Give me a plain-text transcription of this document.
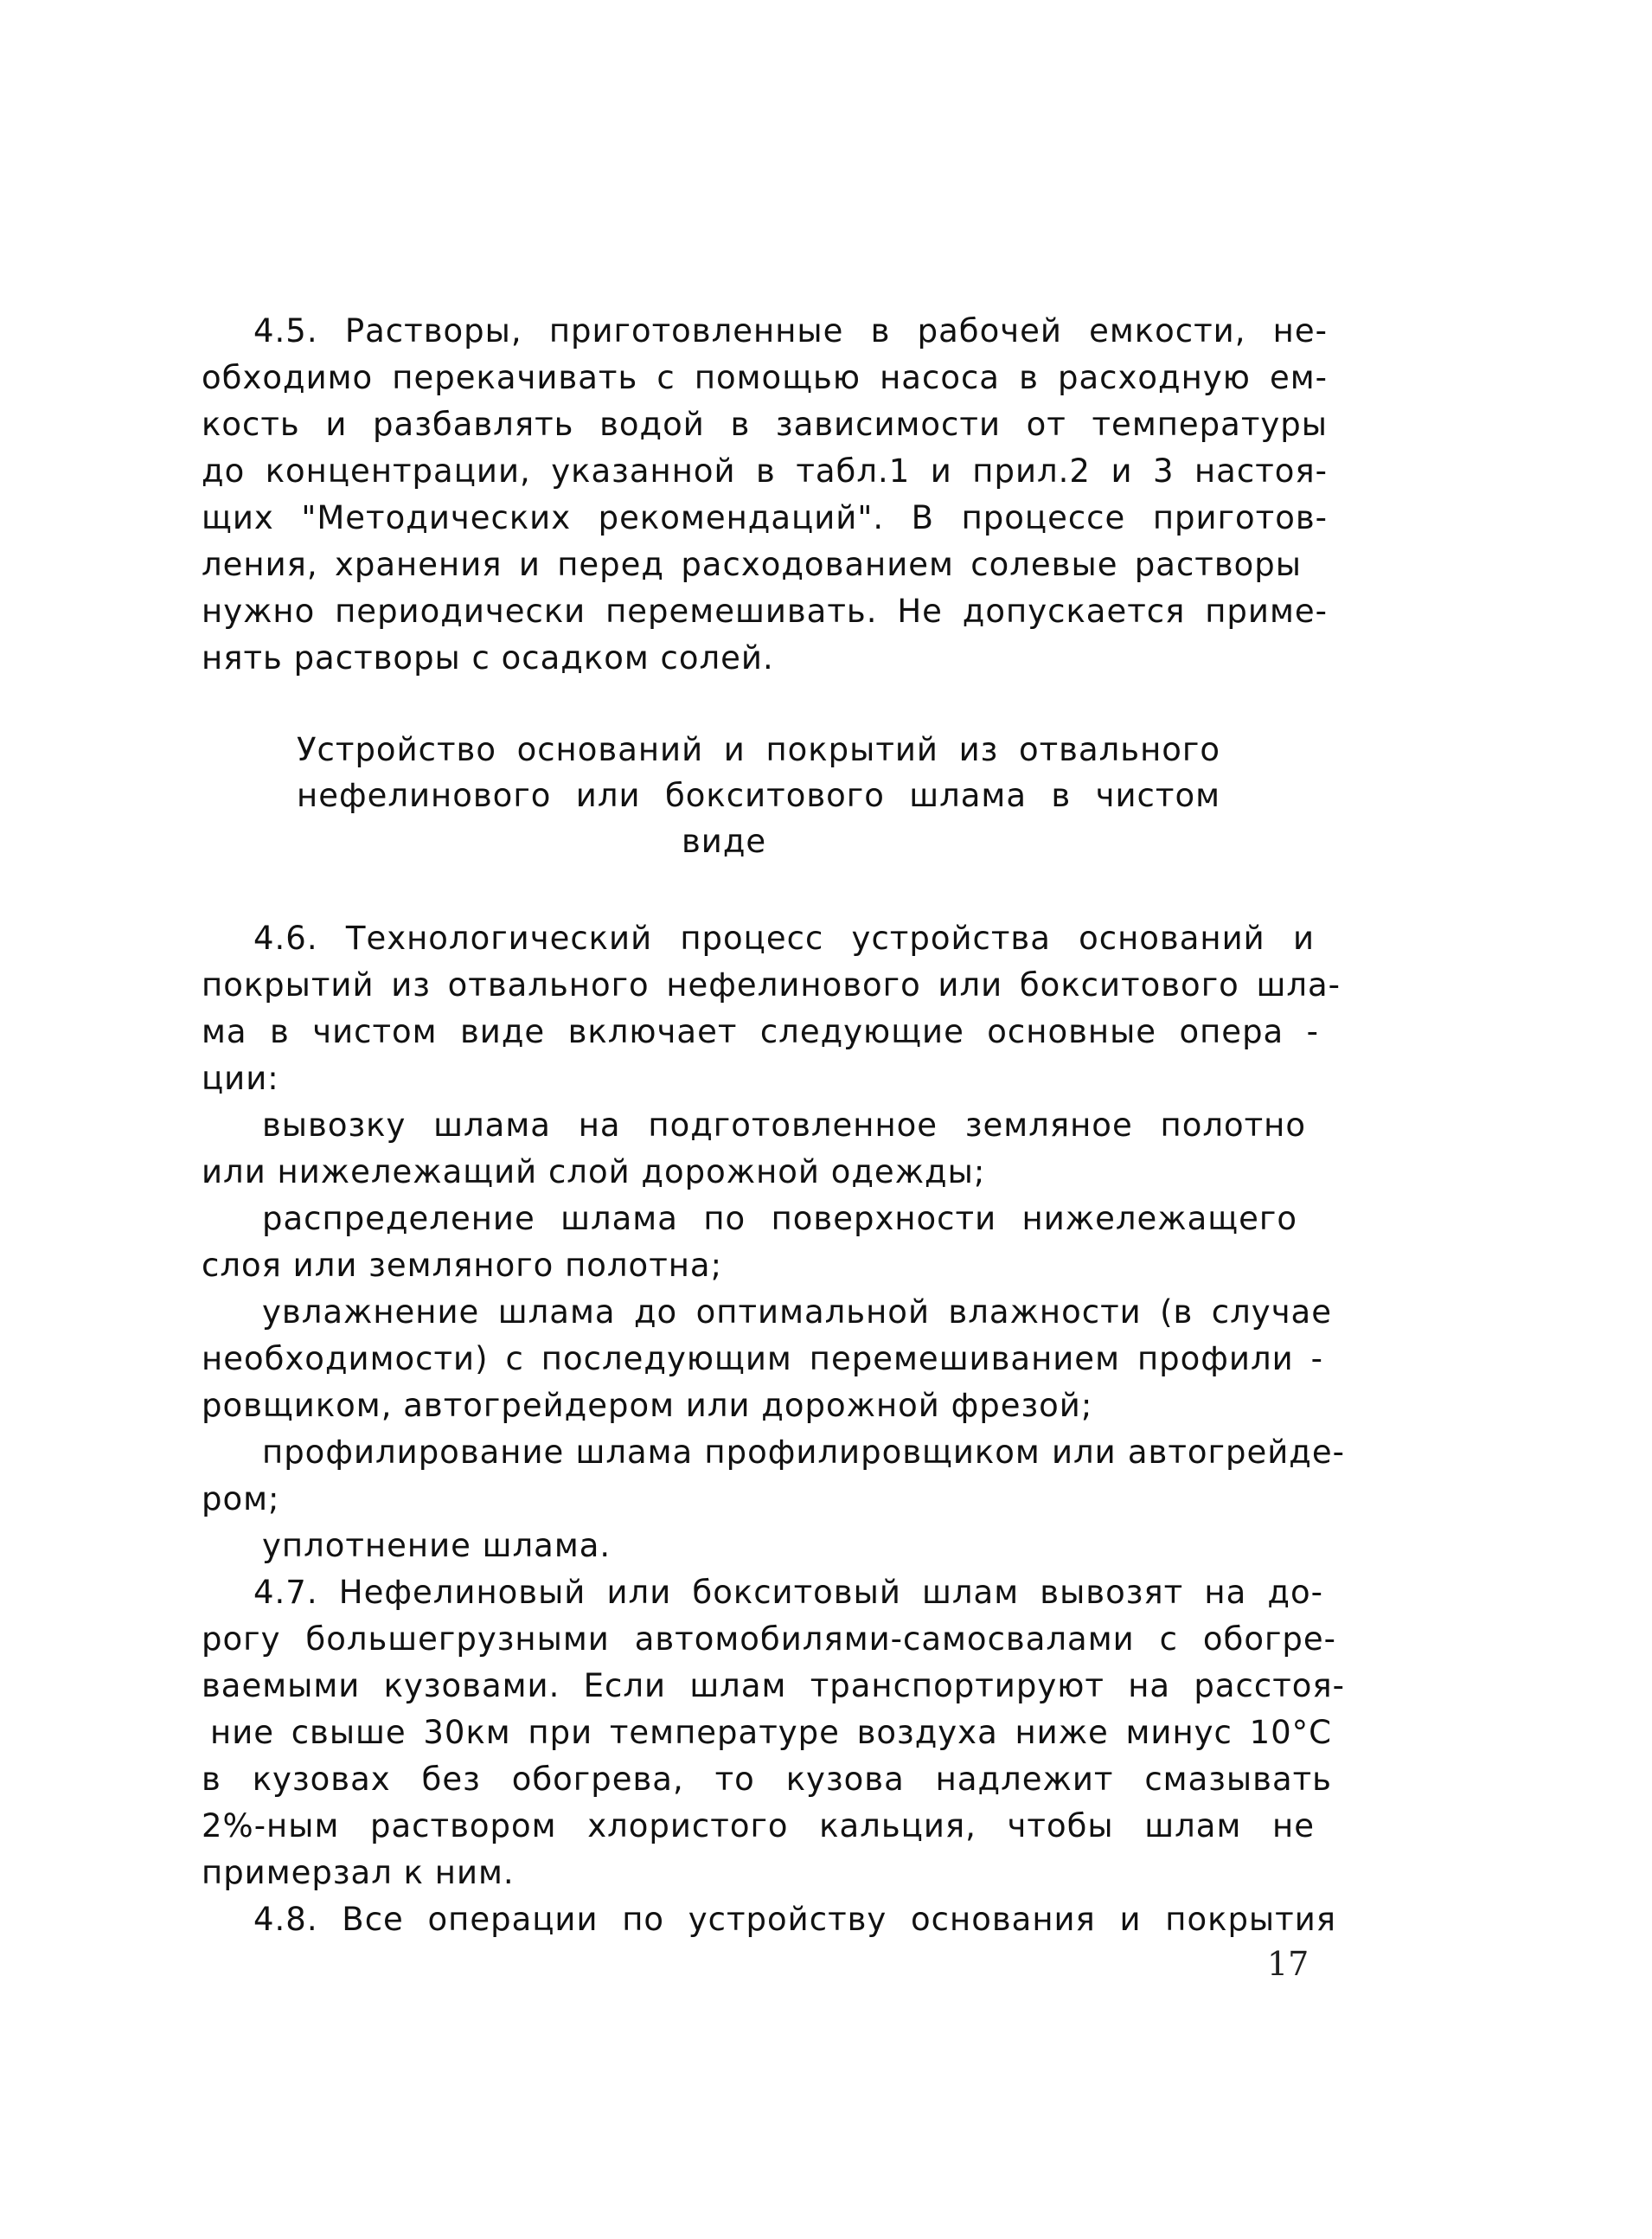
4.5. Растворы, приготовленные в рабочей емкости, не-
обходимо перекачивать с помощью насоса в расходную ем-
кость и разбавлять водой в зависимости от температуры
до концентрации, указанной в табл.1 и прил.2 и 3 настоя-
щих "Методических рекомендаций". В процессе приготов-
ления, хранения и перед расходованием солевые растворы
нужно периодически перемешивать. Не допускается приме-
нять растворы с осадком солей.
Устройство оснований и покрытий из отвального
нефелинового или бокситового шлама в чистом
виде
4.6. Технологический процесс устройства оснований и
покрытий из отвального нефелинового или бокситового шла-
ма в чистом виде включает следующие основные опера -
ции:
вывозку шлама на подготовленное земляное полотно
или нижележащий слой дорожной одежды;
распределение шлама по поверхности нижележащего
слоя или земляного полотна;
увлажнение шлама до оптимальной влажности (в случае
необходимости) с последующим перемешиванием профили -
ровщиком, автогрейдером или дорожной фрезой;
профилирование шлама профилировщиком или автогрейде-
ром;
уплотнение шлама.
4.7. Нефелиновый или бокситовый шлам вывозят на до-
рогу большегрузными автомобилями-самосвалами с обогре-
ваемыми кузовами. Если шлам транспортируют на расстоя-
ние свыше 30км при температуре воздуха ниже минус 10°С
в кузовах без обогрева, то кузова надлежит смазывать
2%-ным раствором хлористого кальция, чтобы шлам не
примерзал к ним.
4.8. Все операции по устройству основания и покрытия
17
